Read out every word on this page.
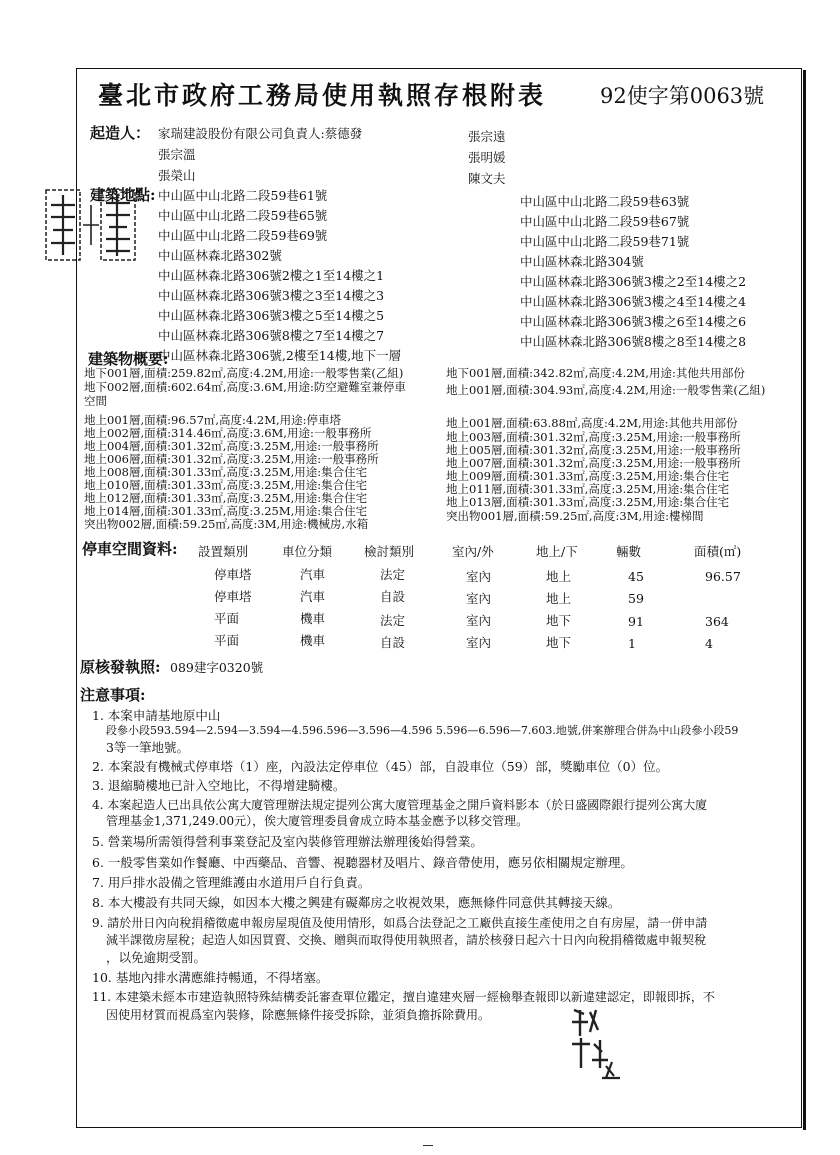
臺北市政府工務局使用執照存根附表	92使字第0063號
起造人： 家瑞建設股份有限公司負責人:蔡德發	張宗遠
張宗溫	張明媛
張榮山	陳文夫
建築地點: 中山區中山北路二段59巷61號
中山區中山北路二段59巷65號
中山區中山北路二段59巷69號
中山區林森北路302號
中山區林森北路306號2樓之1至14樓之1
中山區林森北路306號3樓之3至14樓之3
中山區林森北路306號3樓之5至14樓之5
中山區林森北路306號8樓之7至14樓之7
中山區林森北路306號,2樓至14樓,地下一層
中山區中山北路二段59巷63號
中山區中山北路二段59巷67號
中山區中山北路二段59巷71號
中山區林森北路304號
中山區林森北路306號3樓之2至14樓之2
中山區林森北路306號3樓之4至14樓之4
中山區林森北路306號3樓之6至14樓之6
中山區林森北路306號8樓之8至14樓之8
建築物概要:
地下001層,面積:259.82㎡,高度:4.2M,用途:一般零售業(乙組)	地下001層,面積:342.82㎡,高度:4.2M,用途:其他共用部份
地下002層,面積:602.64㎡,高度:3.6M,用途:防空避難室兼停車	地上001層,面積:304.93㎡,高度:4.2M,用途:一般零售業(乙組)
空間
地上001層,面積:96.57㎡,高度:4.2M,用途:停車塔	地上001層,面積:63.88㎡,高度:4.2M,用途:其他共用部份
地上002層,面積:314.46㎡,高度:3.6M,用途:一般事務所	地上003層,面積:301.32㎡,高度:3.25M,用途:一般事務所
地上004層,面積:301.32㎡,高度:3.25M,用途:一般事務所	地上005層,面積:301.32㎡,高度:3.25M,用途:一般事務所
地上006層,面積:301.32㎡,高度:3.25M,用途:一般事務所	地上007層,面積:301.32㎡,高度:3.25M,用途:一般事務所
地上008層,面積:301.33㎡,高度:3.25M,用途:集合住宅	地上009層,面積:301.33㎡,高度:3.25M,用途:集合住宅
地上010層,面積:301.33㎡,高度:3.25M,用途:集合住宅	地上011層,面積:301.33㎡,高度:3.25M,用途:集合住宅
地上012層,面積:301.33㎡,高度:3.25M,用途:集合住宅	地上013層,面積:301.33㎡,高度:3.25M,用途:集合住宅
地上014層,面積:301.33㎡,高度:3.25M,用途:集合住宅	突出物001層,面積:59.25㎡,高度:3M,用途:樓梯間
突出物002層,面積:59.25㎡,高度:3M,用途:機械房,水箱
停車空間資料: 設置類別	車位分類	檢討類別	室內/外	地上/下	輛數	面積(㎡)
停車塔	汽車	法定	室內	地上	45	96.57
停車塔	汽車	自設	室內	地上	59
平面	機車	法定	室內	地下	91	364
平面	機車	自設	室內	地下	1	4
原核發執照: 089建字0320號
注意事項:
1. 本案申請基地原中山
段參小段593.594—2.594—3.594—4.596.596—3.596—4.596 5.596—6.596—7.603.地號,併案辦理合併為中山段參小段59
3等一筆地號。
2. 本案設有機械式停車塔（1）座，內設法定停車位（45）部，自設車位（59）部，獎勵車位（0）位。
3. 退縮騎樓地已計入空地比，不得增建騎樓。
4. 本案起造人已出具依公寓大廈管理辦法規定提列公寓大廈管理基金之開戶資料影本（於日盛國際銀行提列公寓大廈
管理基金1,371,249.00元），俟大廈管理委員會成立時本基金應予以移交管理。
5. 營業場所需領得營利事業登記及室內裝修管理辦法辦理後始得營業。
6. 一般零售業如作餐廳、中西藥品、音響、視聽器材及唱片、錄音帶使用，應另依相關規定辦理。
7. 用戶排水設備之管理維護由水道用戶自行負責。
8. 本大樓設有共同天線，如因本大樓之興建有礙鄰房之收視效果，應無條件同意供其轉接天線。
9. 請於卅日內向稅捐稽徵處申報房屋現值及使用情形，如爲合法登記之工廠供直接生產使用之自有房屋，請一併申請
減半課徵房屋稅；起造人如因買賣、交換、贈與而取得使用執照者，請於核發日起六十日內向稅捐稽徵處申報契稅
，以免逾期受罰。
10. 基地內排水溝應維持暢通，不得堵塞。
11. 本建築未經本市建造執照特殊結構委託審查單位鑑定，擅自違建夾層一經檢舉查報即以新違建認定，即報即拆，不
因使用材質而視爲室內裝修，除應無條件接受拆除，並須負擔拆除費用。
